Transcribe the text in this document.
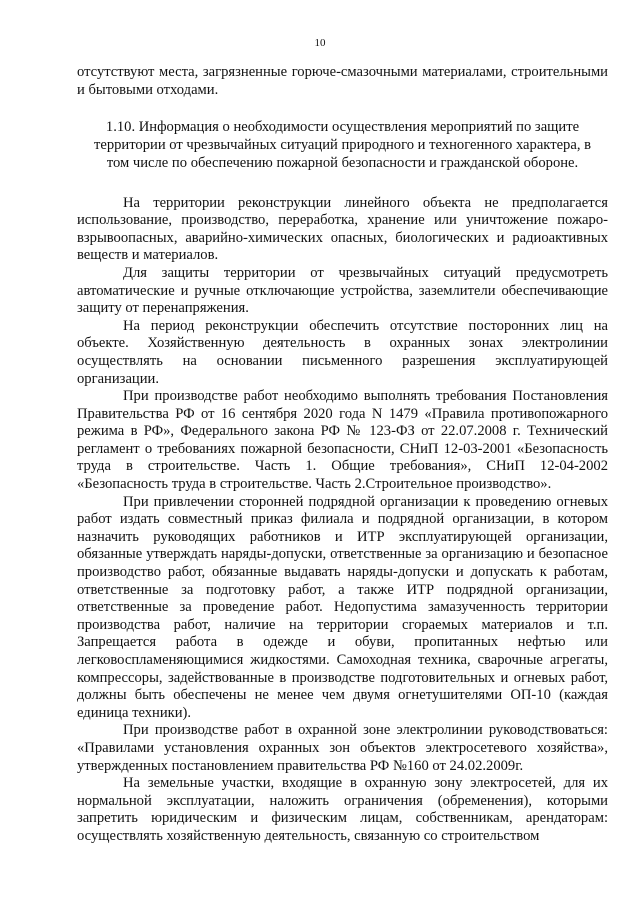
10

отсутствуют места, загрязненные горюче-смазочными материалами, строительными и бытовыми отходами.

1.10. Информация о необходимости осуществления мероприятий по защите территории от чрезвычайных ситуаций природного и техногенного характера, в том числе по обеспечению пожарной безопасности и гражданской обороне.

На территории реконструкции линейного объекта не предполагается использование, производство, переработка, хранение или уничтожение пожаро-взрывоопасных, аварийно-химических опасных, биологических и радиоактивных веществ и материалов.

Для защиты территории от чрезвычайных ситуаций предусмотреть автоматические и ручные отключающие устройства, заземлители обеспечивающие защиту от перенапряжения.

На период реконструкции обеспечить отсутствие посторонних лиц на объекте. Хозяйственную деятельность в охранных зонах электролинии осуществлять на основании письменного разрешения эксплуатирующей организации.

При производстве работ необходимо выполнять требования Постановления Правительства РФ от 16 сентября 2020 года N 1479 «Правила противопожарного режима в РФ», Федерального закона РФ № 123-ФЗ от 22.07.2008 г. Технический регламент о требованиях пожарной безопасности, СНиП 12-03-2001 «Безопасность труда в строительстве. Часть 1. Общие требования», СНиП 12-04-2002 «Безопасность труда в строительстве. Часть 2.Строительное производство».

При привлечении сторонней подрядной организации к проведению огневых работ издать совместный приказ филиала и подрядной организации, в котором назначить руководящих работников и ИТР эксплуатирующей организации, обязанные утверждать наряды-допуски, ответственные за организацию и безопасное производство работ, обязанные выдавать наряды-допуски и допускать к работам, ответственные за подготовку работ, а также ИТР подрядной организации, ответственные за проведение работ. Недопустима замазученность территории производства работ, наличие на территории сгораемых материалов и т.п. Запрещается работа в одежде и обуви, пропитанных нефтью или легковоспламеняющимися жидкостями. Самоходная техника, сварочные агрегаты, компрессоры, задействованные в производстве подготовительных и огневых работ, должны быть обеспечены не менее чем двумя огнетушителями ОП-10 (каждая единица техники).

При производстве работ в охранной зоне электролинии руководствоваться: «Правилами установления охранных зон объектов электросетевого хозяйства», утвержденных постановлением правительства РФ №160 от 24.02.2009г.

На земельные участки, входящие в охранную зону электросетей, для их нормальной эксплуатации, наложить ограничения (обременения), которыми запретить юридическим и физическим лицам, собственникам, арендаторам: осуществлять хозяйственную деятельность, связанную со строительством
